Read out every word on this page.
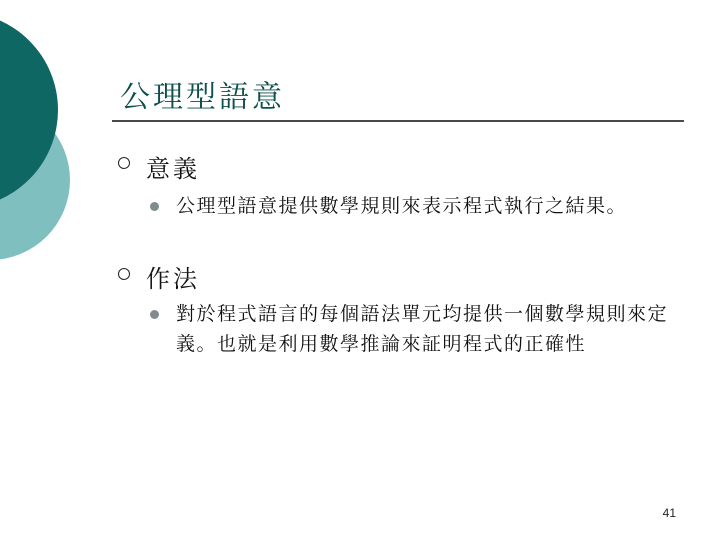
公理型語意
意義
公理型語意提供數學規則來表示程式執行之結果。
作法
對於程式語言的每個語法單元均提供一個數學規則來定義。也就是利用數學推論來証明程式的正確性
41
